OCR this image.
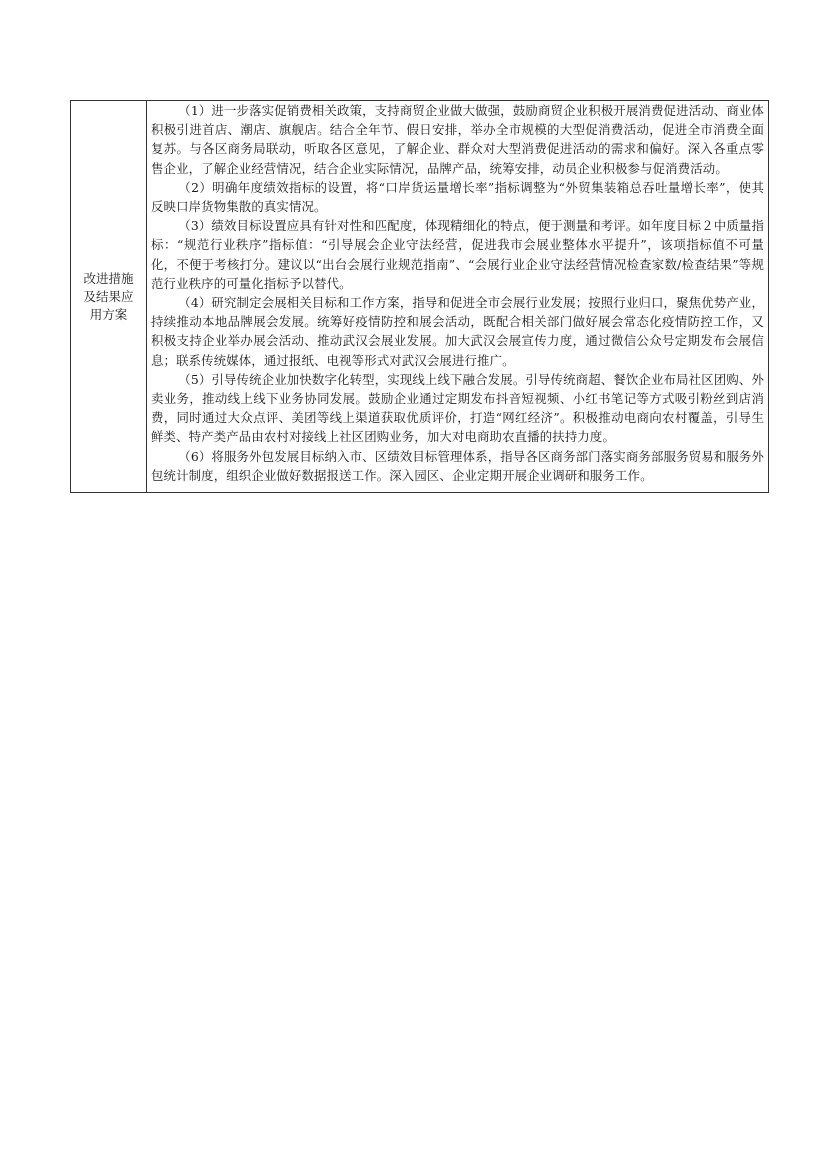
改进措施及结果应用方案

（1）进一步落实促销费相关政策，支持商贸企业做大做强，鼓励商贸企业积极开展消费促进活动、商业体积极引进首店、潮店、旗舰店。结合全年节、假日安排，举办全市规模的大型促消费活动，促进全市消费全面复苏。与各区商务局联动，听取各区意见，了解企业、群众对大型消费促进活动的需求和偏好。深入各重点零售企业，了解企业经营情况，结合企业实际情况，品牌产品，统筹安排，动员企业积极参与促消费活动。

（2）明确年度绩效指标的设置，将“口岸货运量增长率”指标调整为“外贸集装箱总吞吐量增长率”，使其反映口岸货物集散的真实情况。

（3）绩效目标设置应具有针对性和匹配度，体现精细化的特点，便于测量和考评。如年度目标２中质量指标：“规范行业秩序”指标值：“引导展会企业守法经营，促进我市会展业整体水平提升”，该项指标值不可量化，不便于考核打分。建议以“出台会展行业规范指南”、“会展行业企业守法经营情况检查家数/检查结果”等规范行业秩序的可量化指标予以替代。

（4）研究制定会展相关目标和工作方案，指导和促进全市会展行业发展；按照行业归口，聚焦优势产业，持续推动本地品牌展会发展。统筹好疫情防控和展会活动，既配合相关部门做好展会常态化疫情防控工作，又积极支持企业举办展会活动、推动武汉会展业发展。加大武汉会展宣传力度，通过微信公众号定期发布会展信息；联系传统媒体，通过报纸、电视等形式对武汉会展进行推广。

（5）引导传统企业加快数字化转型，实现线上线下融合发展。引导传统商超、餐饮企业布局社区团购、外卖业务，推动线上线下业务协同发展。鼓励企业通过定期发布抖音短视频、小红书笔记等方式吸引粉丝到店消费，同时通过大众点评、美团等线上渠道获取优质评价，打造“网红经济”。积极推动电商向农村覆盖，引导生鲜类、特产类产品由农村对接线上社区团购业务，加大对电商助农直播的扶持力度。

（6）将服务外包发展目标纳入市、区绩效目标管理体系，指导各区商务部门落实商务部服务贸易和服务外包统计制度，组织企业做好数据报送工作。深入园区、企业定期开展企业调研和服务工作。
